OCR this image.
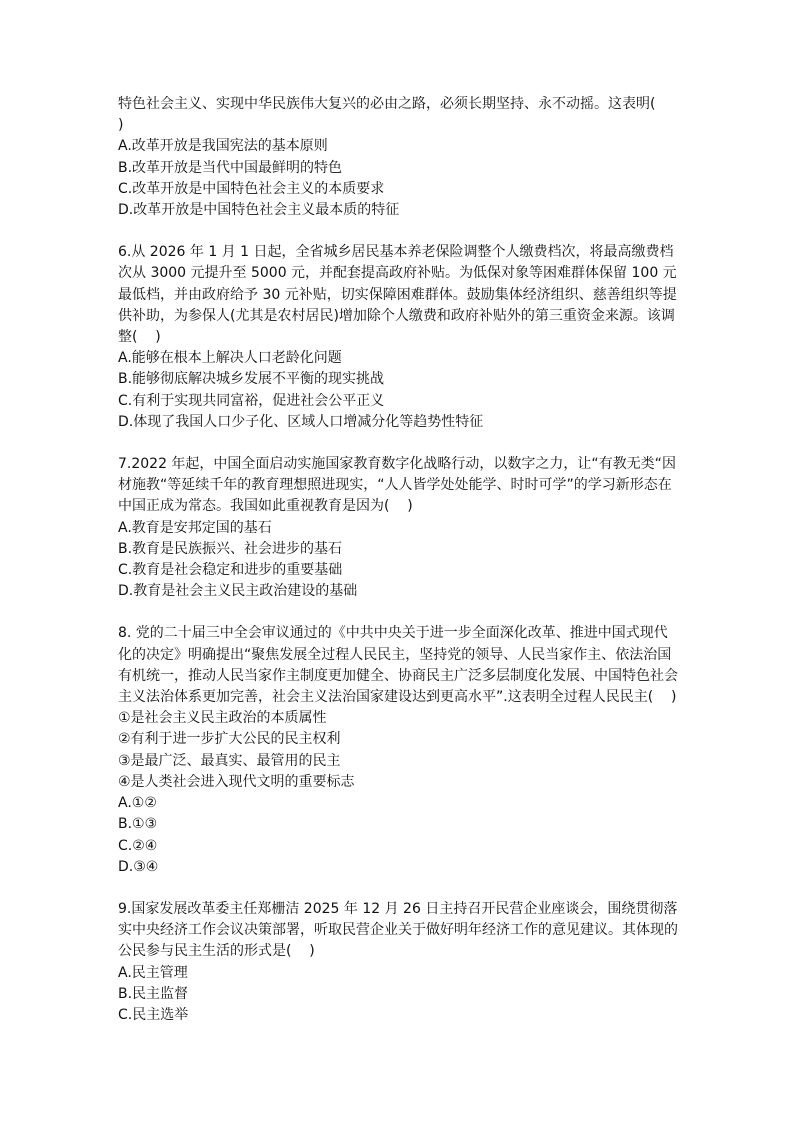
特色社会主义、实现中华民族伟大复兴的必由之路，必须长期坚持、永不动摇。这表明(    )

A.改革开放是我国宪法的基本原则

B.改革开放是当代中国最鲜明的特色

C.改革开放是中国特色社会主义的本质要求

D.改革开放是中国特色社会主义最本质的特征

6.从 2026 年 1 月 1 日起，全省城乡居民基本养老保险调整个人缴费档次，将最高缴费档次从 3000 元提升至 5000 元，并配套提高政府补贴。为低保对象等困难群体保留 100 元最低档，并由政府给予 30 元补贴，切实保障困难群体。鼓励集体经济组织、慈善组织等提供补助，为参保人(尤其是农村居民)增加除个人缴费和政府补贴外的第三重资金来源。该调整(    )

A.能够在根本上解决人口老龄化问题

B.能够彻底解决城乡发展不平衡的现实挑战

C.有利于实现共同富裕，促进社会公平正义

D.体现了我国人口少子化、区域人口增减分化等趋势性特征

7.2022 年起，中国全面启动实施国家教育数字化战略行动，以数字之力，让“有教无类“因材施教“等延续千年的教育理想照进现实，“人人皆学处处能学、时时可学”的学习新形态在中国正成为常态。我国如此重视教育是因为(    )

A.教育是安邦定国的基石

B.教育是民族振兴、社会进步的基石

C.教育是社会稳定和进步的重要基础

D.教育是社会主义民主政治建设的基础

8. 党的二十届三中全会审议通过的《中共中央关于进一步全面深化改革、推进中国式现代化的决定》明确提出“聚焦发展全过程人民民主，坚持党的领导、人民当家作主、依法治国有机统一，推动人民当家作主制度更加健全、协商民主广泛多层制度化发展、中国特色社会主义法治体系更加完善，社会主义法治国家建设达到更高水平”.这表明全过程人民民主(    )①是社会主义民主政治的本质属性

②有利于进一步扩大公民的民主权利

③是最广泛、最真实、最管用的民主

④是人类社会进入现代文明的重要标志

A.①②

B.①③

C.②④

D.③④

9.国家发展改革委主任郑栅洁 2025 年 12 月 26 日主持召开民营企业座谈会，围绕贯彻落实中央经济工作会议决策部署，听取民营企业关于做好明年经济工作的意见建议。其体现的公民参与民主生活的形式是(    )

A.民主管理

B.民主监督

C.民主选举
